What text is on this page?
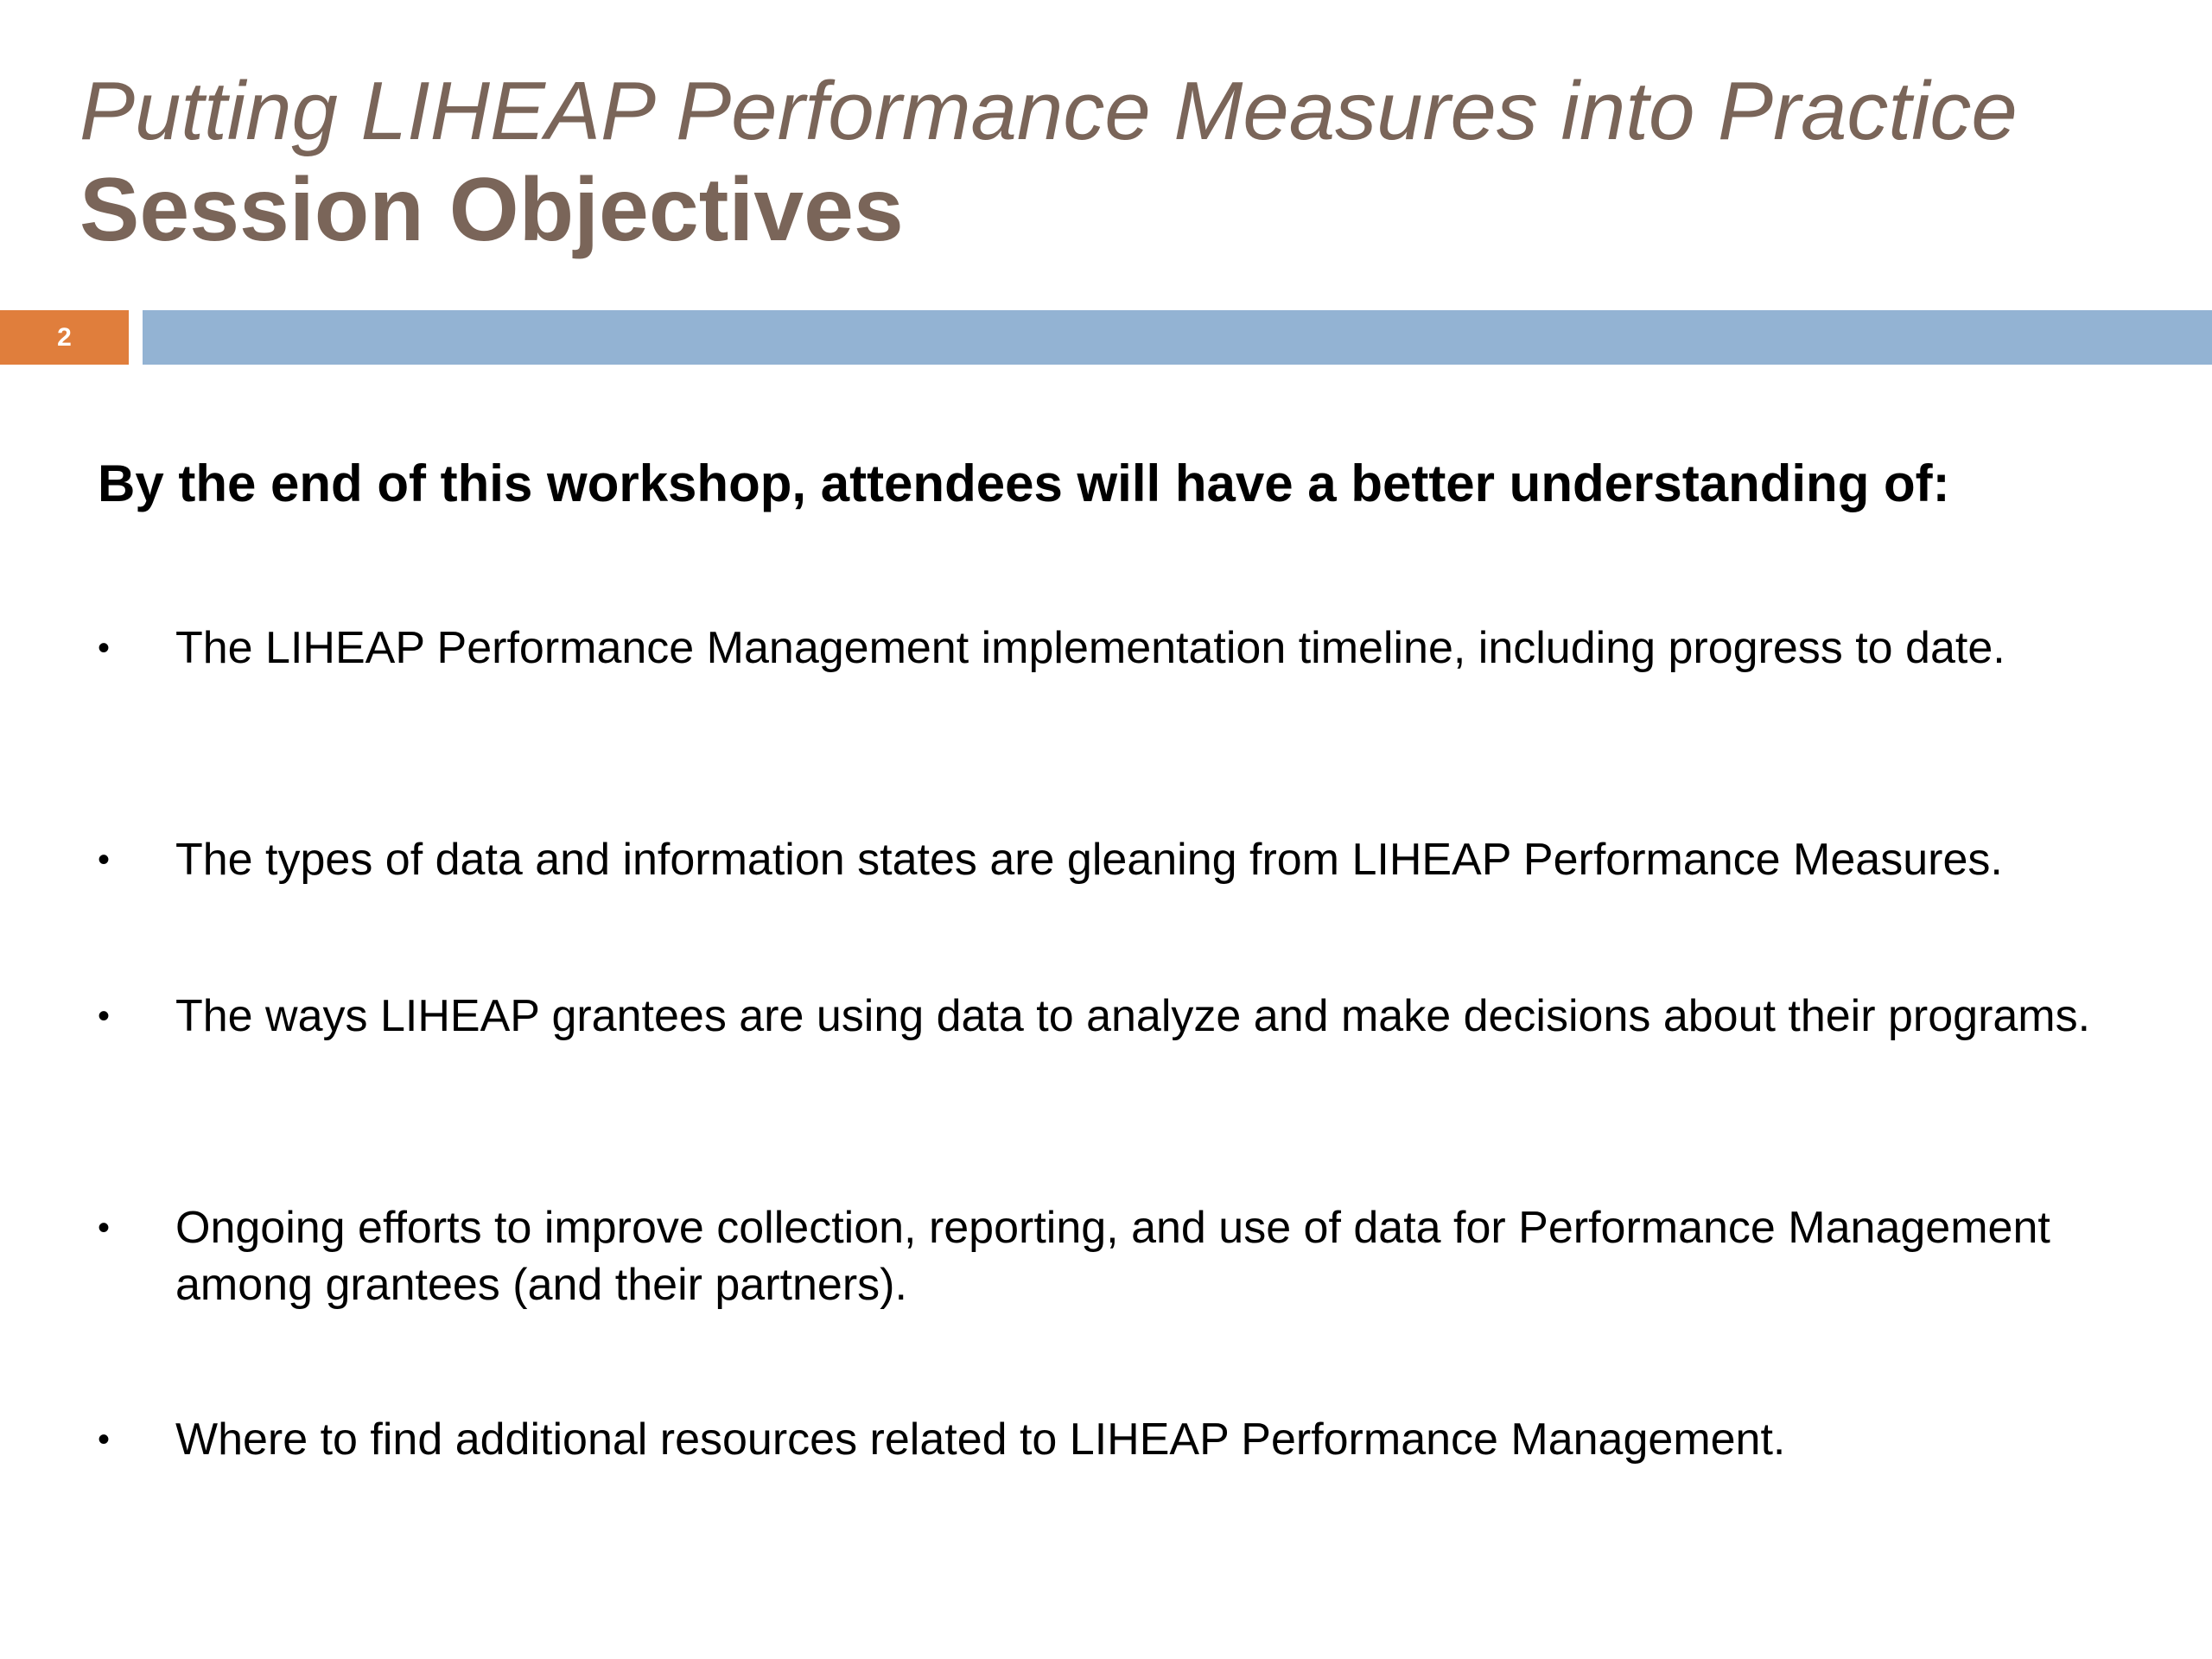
Putting LIHEAP Performance Measures into Practice
Session Objectives
2
By the end of this workshop, attendees will have a better understanding of:
• The LIHEAP Performance Management implementation timeline, including progress to date.
• The types of data and information states are gleaning from LIHEAP Performance Measures.
• The ways LIHEAP grantees are using data to analyze and make decisions about their programs.
• Ongoing efforts to improve collection, reporting, and use of data for Performance Management among grantees (and their partners).
• Where to find additional resources related to LIHEAP Performance Management.
